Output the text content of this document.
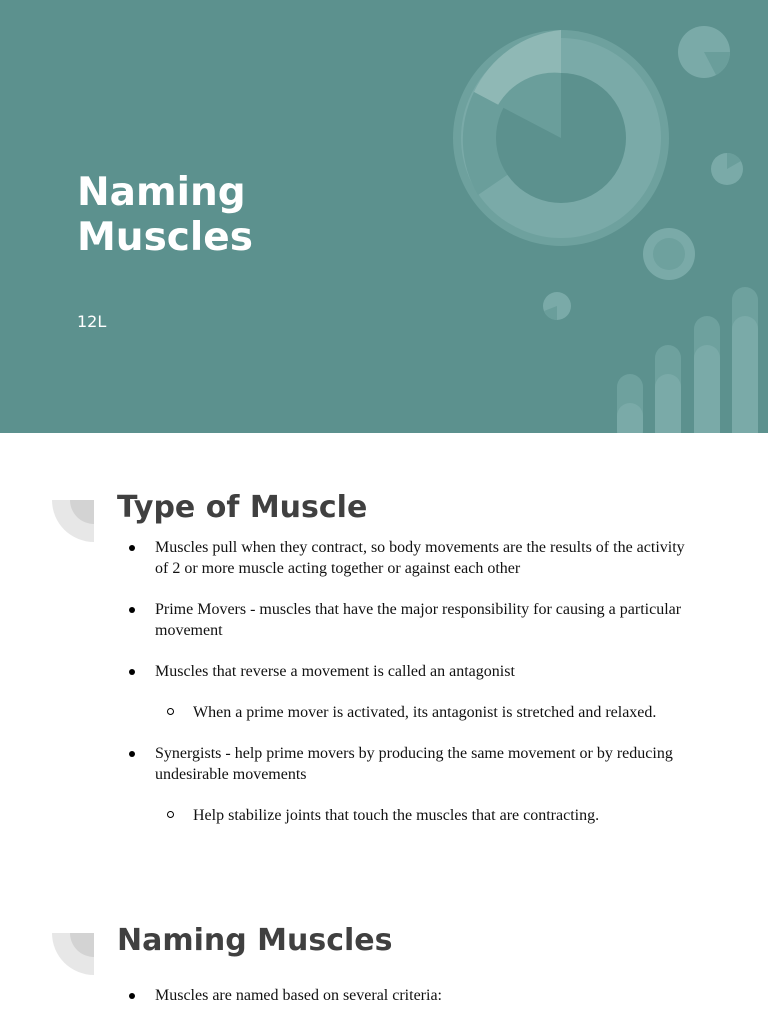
Naming Muscles

12L

Type of Muscle
Muscles pull when they contract, so body movements are the results of the activity of 2 or more muscle acting together or against each other
Prime Movers - muscles that have the major responsibility for causing a particular movement
Muscles that reverse a movement is called an antagonist
When a prime mover is activated, its antagonist is stretched and relaxed.
Synergists - help prime movers by producing the same movement or by reducing undesirable movements
Help stabilize joints that touch the muscles that are contracting.
Naming Muscles
Muscles are named based on several criteria:
